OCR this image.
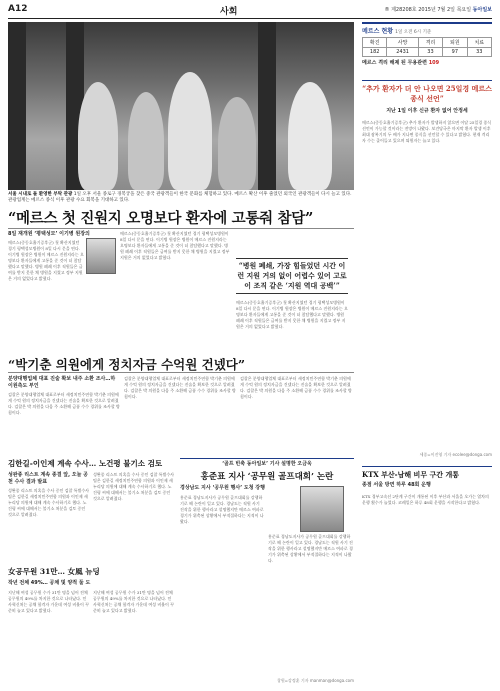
A12	사회	® 제28208호 2015년 7월 2일 목요일 동아일보
서울 시내로 돌 환영한 부탁 관광 1일 오후 서울 종로구 경복궁을 찾은 중국 관광객들이 한국 문화를 체험하고 있다. 메르스 확산 이후 줄었던 외국인 관광객들이 다시 늘고 있다. 관광업계는 메르스 종식 이후 관광 수요 회복을 기대하고 있다.
“메르스 첫 진원지 오명보다 환자에 고통줘 참담”
8일 재개원 ‘평택성모’ 이기병 원장의
메르스(중동호흡기증후군) 첫 확산지였던 경기 평택성모병원이 8일 다시 문을 연다. 이기병 원장은 병원이 메르스 진원지라는 오명보다 환자들에게 고통을 준 것이 더 참담했다고 말했다. 병원 폐쇄 이후 직원들은 급여를 받지 못한 채 병원을 지켰고 정부 지원은 거의 없었다고 밝혔다.
메르스(중동호흡기증후군) 첫 확산지였던 경기 평택성모병원이 8일 다시 문을 연다. 이기병 원장은 병원이 메르스 진원지라는 오명보다 환자들에게 고통을 준 것이 더 참담했다고 말했다. 병원 폐쇄 이후 직원들은 급여를 받지 못한 채 병원을 지켰고 정부 지원은 거의 없었다고 밝혔다.
“병원 폐쇄, 가장 힘들었던 시간 이런 지원 거의 없이 어렵수 있어 고로이 조직 같은 ‘지원 역대 공백’”
메르스(중동호흡기증후군) 첫 확산지였던 경기 평택성모병원이 8일 다시 문을 연다. 이기병 원장은 병원이 메르스 진원지라는 오명보다 환자들에게 고통을 준 것이 더 참담했다고 말했다. 병원 폐쇄 이후 직원들은 급여를 받지 못한 채 병원을 지켰고 정부 지원은 거의 없었다고 밝혔다.
“박기춘 의원에게 정치자금 수억원 건넸다”
분양대행업체 대표 진술 확보 내주 소환 조사…하이원측도 부인
검찰은 분양대행업체 대표로부터 새정치민주연합 박기춘 의원에게 수억 원의 정치자금을 건넸다는 진술을 확보한 것으로 알려졌다. 검찰은 박 의원을 다음 주 소환해 금품 수수 경위를 조사할 방침이다.
검찰은 분양대행업체 대표로부터 새정치민주연합 박기춘 의원에게 수억 원의 정치자금을 건넸다는 진술을 확보한 것으로 알려졌다. 검찰은 박 의원을 다음 주 소환해 금품 수수 경위를 조사할 방침이다.
검찰은 분양대행업체 대표로부터 새정치민주연합 박기춘 의원에게 수억 원의 정치자금을 건넸다는 진술을 확보한 것으로 알려졌다. 검찰은 박 의원을 다음 주 소환해 금품 수수 경위를 조사할 방침이다.
김한길-이인제 계속 수사… 노건평 불기소 검토
성완종 리스트 계속 종결 앞, 오늘 공천 수사 결과 발표
성완종 리스트 의혹을 수사 중인 검찰 특별수사팀은 김한길 새정치민주연합 의원과 이인제 새누리당 의원에 대해 계속 수사하기로 했다. 노건평 씨에 대해서는 불기소 처분을 검토 중인 것으로 알려졌다.
성완종 리스트 의혹을 수사 중인 검찰 특별수사팀은 김한길 새정치민주연합 의원과 이인제 새누리당 의원에 대해 계속 수사하기로 했다. 노건평 씨에 대해서는 불기소 처분을 검토 중인 것으로 알려졌다.
女공무원 31만… 女風 뉴딩
작년 전체 49%… 공채 및 양적 둘 도
지난해 여성 공무원 수가 31만 명을 넘어 전체 공무원의 49%를 차지한 것으로 나타났다. 인사혁신처는 공채 합격자 가운데 여성 비율이 꾸준히 늘고 있다고 밝혔다.
지난해 여성 공무원 수가 31만 명을 넘어 전체 공무원의 49%를 차지한 것으로 나타났다. 인사혁신처는 공채 합격자 가운데 여성 비율이 꾸준히 늘고 있다고 밝혔다.
‘골프 빈축 동아일보’ 기사 설명한 오금욱
홍준표 지사 ‘공무원 골프대회’ 논란
경상남도 지사 ‘공무원 행사’ 도청 강행
홍준표 경남도지사가 공무원 골프대회를 강행하기로 해 논란이 일고 있다. 경남도는 직원 사기 진작을 위한 행사라고 설명했지만 메르스 여파로 경기가 위축된 상황에서 부적절하다는 지적이 나왔다.
홍준표 경남도지사가 공무원 골프대회를 강행하기로 해 논란이 일고 있다. 경남도는 직원 사기 진작을 위한 행사라고 설명했지만 메르스 여파로 경기가 위축된 상황에서 부적절하다는 지적이 나왔다.
창원=강정훈 기자 manman@donga.com
메르스 현황 1일 오전 6시 기준
확진	사망	격리	퇴원	치료
182	2431	33	97	33
메르스 격리 해제 된 무용관련 109
“추가 환자가 더 안 나오면 25일경 메르스 종식 선언”
지난 1일 이후 신규 환자 없어 안정세
메르스(중동호흡기증후군) 추가 환자가 발생하지 않으면 이달 25일경 종식 선언이 가능할 것이라는 전망이 나왔다. 보건당국은 마지막 환자 발생 이후 최대 잠복기의 두 배가 지나면 종식을 선언할 수 있다고 밝혔다. 현재 격리자 수는 줄어들고 있으며 퇴원자는 늘고 있다.
세종=이진영 기자 ecolee@donga.com
KTX 부산-남해 비무 구간 개통
종점 서울 방면 하루 48회 운행
KTX 경부고속선 2단계 구간이 개통된 이후 부산과 서울을 오가는 열차의 운행 횟수가 늘었다. 코레일은 하루 48회 운행을 시작한다고 밝혔다.
